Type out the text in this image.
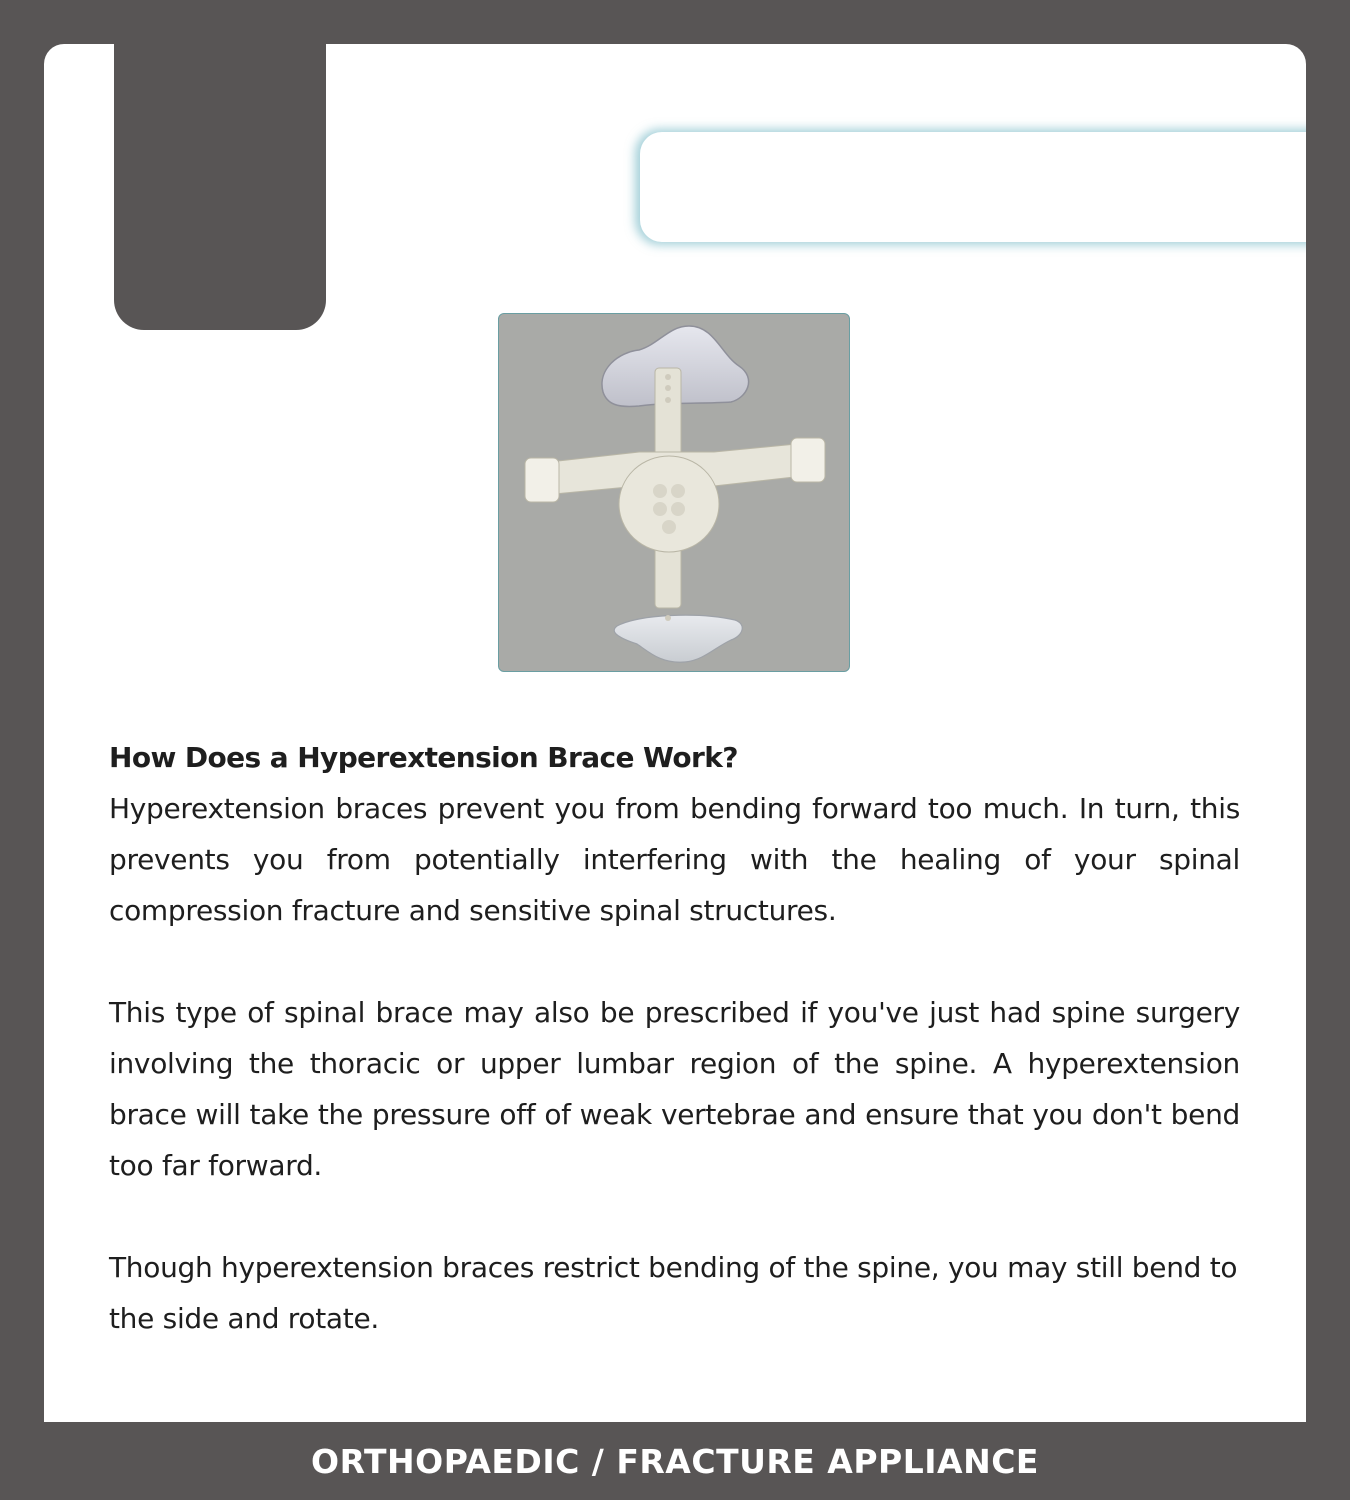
How Does a Hyperextension Brace Work?

Hyperextension braces prevent you from bending forward too much. In turn, this prevents you from potentially interfering with the healing of your spinal compression fracture and sensitive spinal structures.

This type of spinal brace may also be prescribed if you've just had spine surgery involving the thoracic or upper lumbar region of the spine. A hyperextension brace will take the pressure off of weak vertebrae and ensure that you don't bend too far forward.

Though hyperextension braces restrict bending of the spine, you may still bend to the side and rotate.

ORTHOPAEDIC / FRACTURE APPLIANCE
